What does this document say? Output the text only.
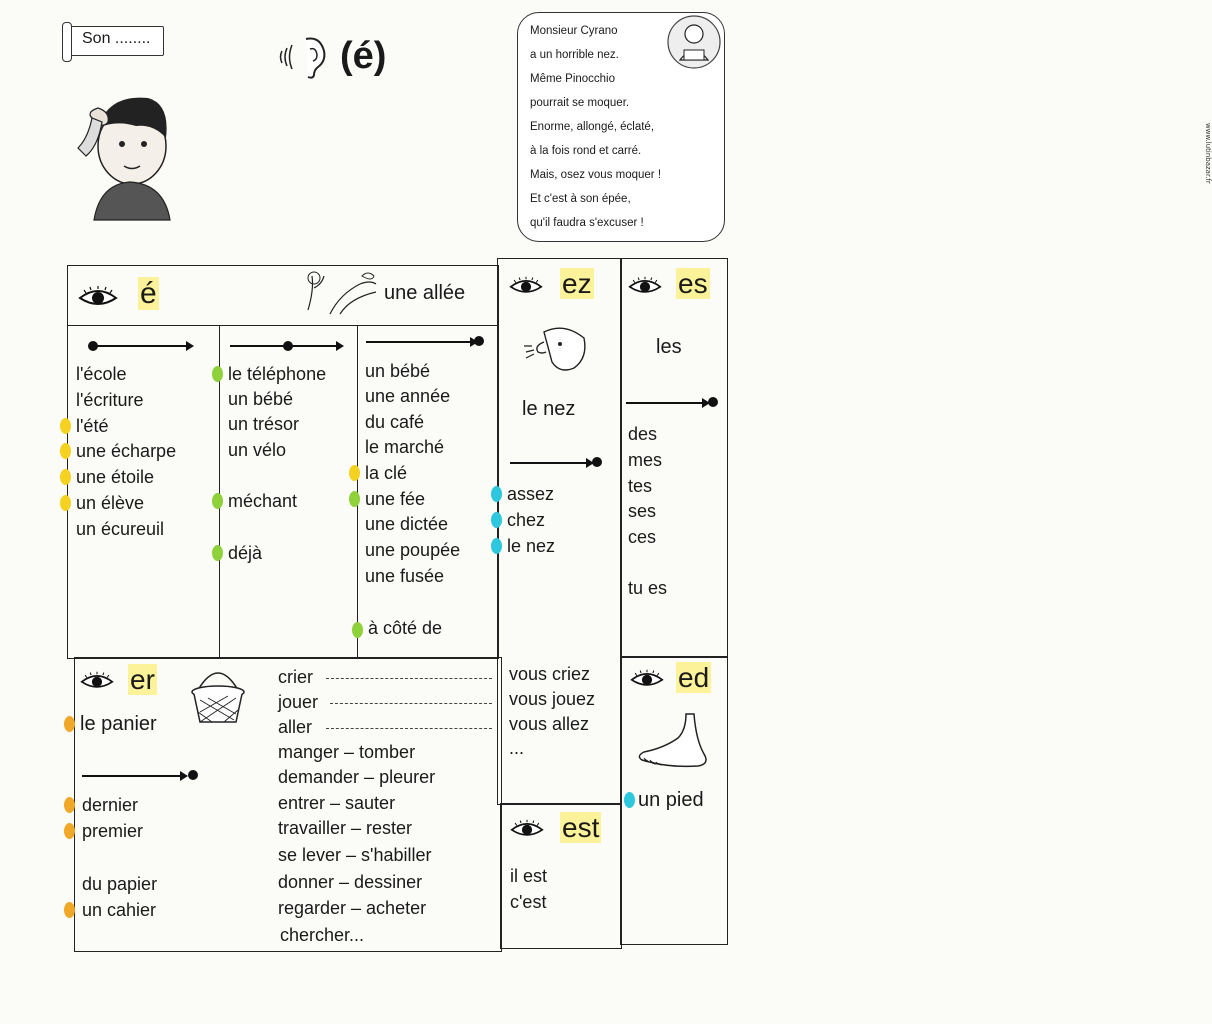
Son ........	(é)
Monsieur Cyrano
a un horrible nez.
Même Pinocchio
pourrait se moquer.
Enorme, allongé, éclaté,
à la fois rond et carré.
Mais, osez vous moquer !
Et c'est à son épée,
qu'il faudra s'excuser !
www.lutinbazar.fr
é	une allée
l'école
l'écriture
l'été
une écharpe
une étoile
un élève
un écureuil
le téléphone
un bébé
un trésor
un vélo
méchant
déjà
un bébé
une année
du café
le marché
la clé
une fée
une dictée
une poupée
une fusée
à côté de
ez
le nez
assez
chez
le nez
es
les
des
mes
tes
ses
ces
tu es
er
le panier
dernier
premier
du papier
un cahier
crier
jouer
aller
manger – tomber
demander – pleurer
entrer – sauter
travailler – rester
se lever – s'habiller
donner – dessiner
regarder – acheter
chercher...
vous criez
vous jouez
vous allez
...
ed
un pied
est
il est
c'est
